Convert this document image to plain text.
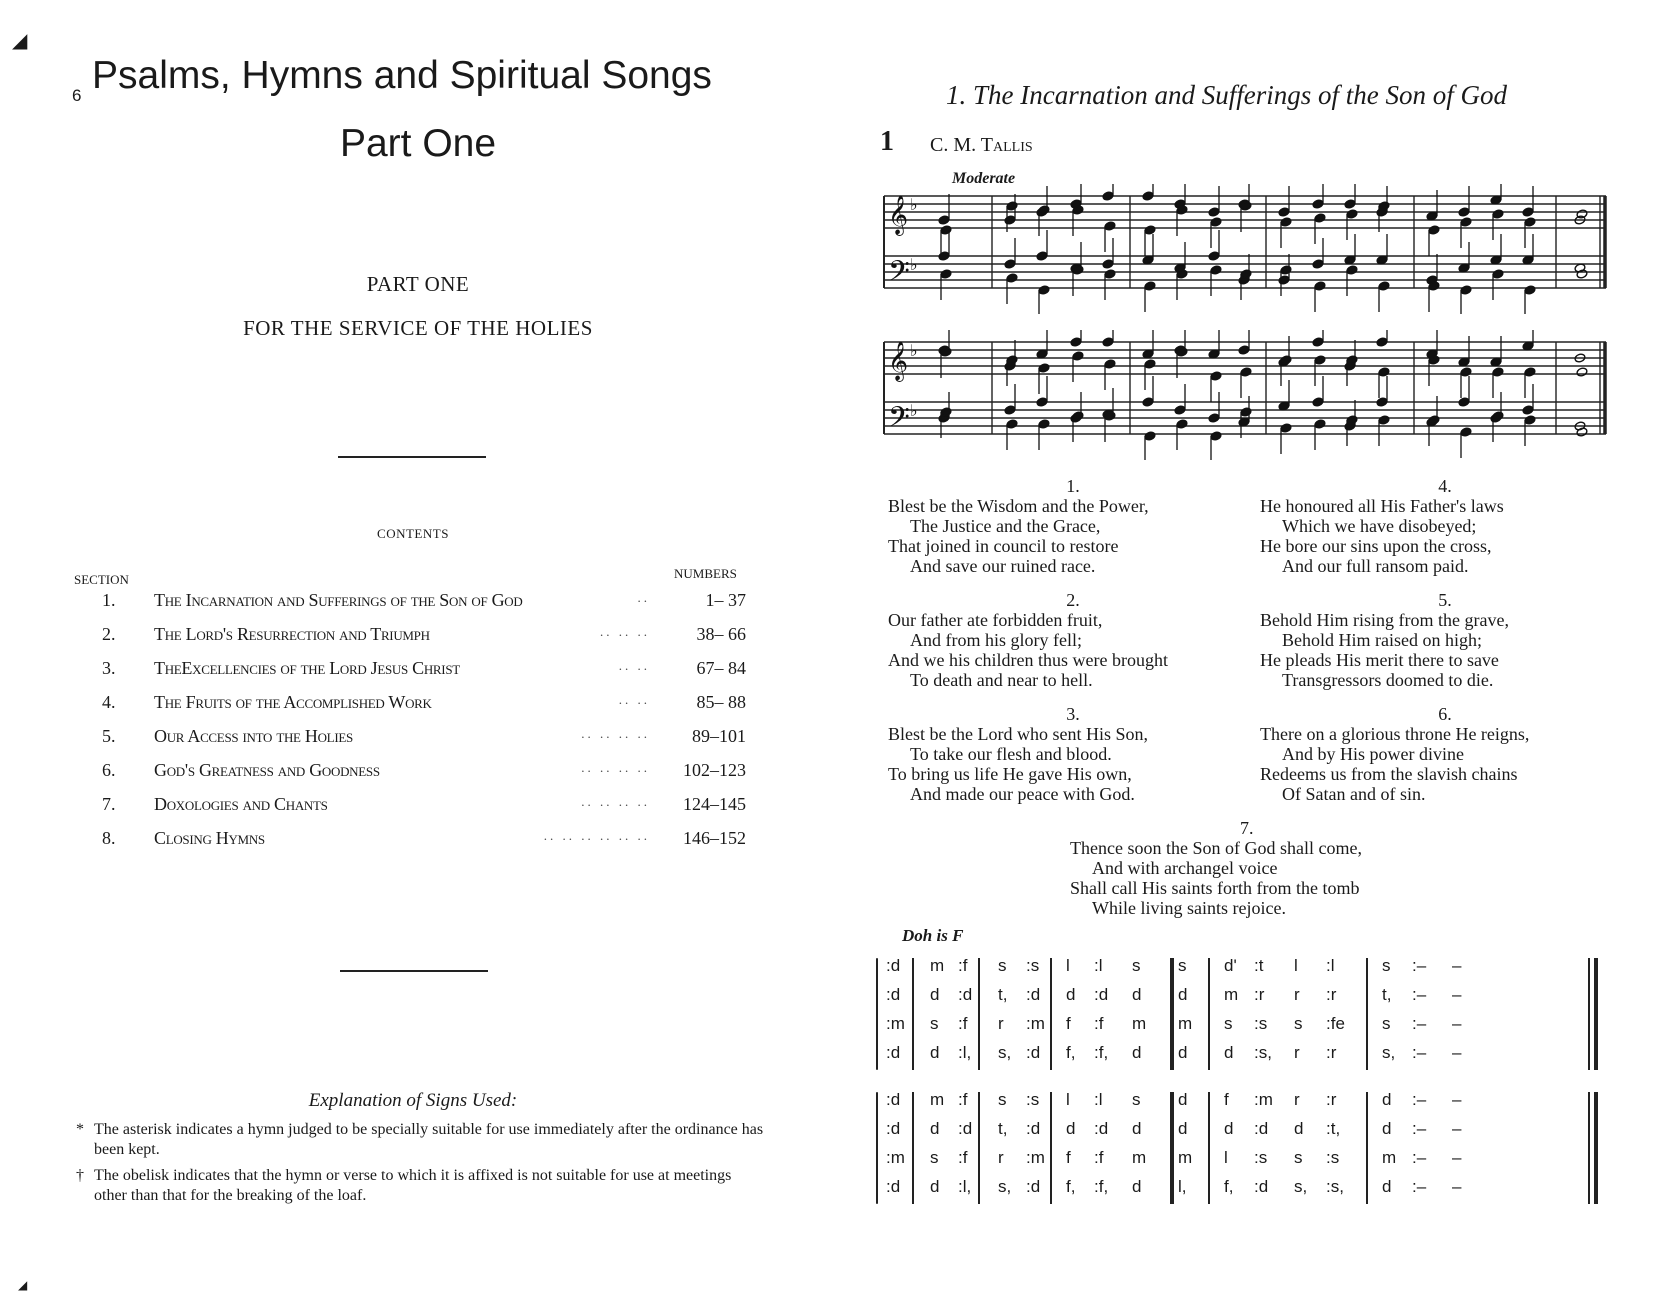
◢
◢
6 Psalms, Hymns and Spiritual Songs
Part One
PART ONE
FOR THE SERVICE OF THE HOLIES
CONTENTS
SECTION	NUMBERS
1. The Incarnation and Sufferings of the Son of God	..	1– 37
2. The Lord's Resurrection and Triumph	.. .. ..	38– 66
3. TheExcellencies of the Lord Jesus Christ	.. ..	67– 84
4. The Fruits of the Accomplished Work	.. ..	85– 88
5. Our Access into the Holies	.. .. .. .. 89–101
6. God's Greatness and Goodness	.. .. .. .. 102–123
7. Doxologies and Chants	.. .. .. .. 124–145
8. Closing Hymns	.. .. .. .. .. .. 146–152
Explanation of Signs Used:
* The asterisk indicates a hymn judged to be specially suitable for use immediately after the ordinance has been kept.
† The obelisk indicates that the hymn or verse to which it is affixed is not suitable for use at meetings other than that for the breaking of the loaf.
1. The Incarnation and Sufferings of the Son of God
1 C. M. Tallis
Moderate
𝄞 ♭
𝄢 ♭
𝄞 ♭
𝄢 ♭
1.
Blest be the Wisdom and the Power,
The Justice and the Grace,
That joined in council to restore
And save our ruined race.
2.
Our father ate forbidden fruit,
And from his glory fell;
And we his children thus were brought
To death and near to hell.
3.
Blest be the Lord who sent His Son,
To take our flesh and blood.
To bring us life He gave His own,
And made our peace with God.
4.
He honoured all His Father's laws
Which we have disobeyed;
He bore our sins upon the cross,
And our full ransom paid.
5.
Behold Him rising from the grave,
Behold Him raised on high;
He pleads His merit there to save
Transgressors doomed to die.
6.
There on a glorious throne He reigns,
And by His power divine
Redeems us from the slavish chains
Of Satan and of sin.
7.
Thence soon the Son of God shall come,
And with archangel voice
Shall call His saints forth from the tomb
While living saints rejoice.
Doh is F
:d m :f s :s l :l s s d' :t l :l	s :– –
:d d :d t, :d d :d d d m :r r :r	t, :– –
:m s :f r :m f :f m m s :s s :fe s :– –
:d d :l, s, :d f, :f, d d d :s, r :r	s, :– –
:d m :f s :s l :l s d f :m r :r	d :– –
:d d :d t, :d d :d d d d :d d :t, d :– –
:m s :f r :m f :f m m l :s s :s	m :– –
:d d :l, s, :d f, :f, d l, f, :d s, :s, d :– –
